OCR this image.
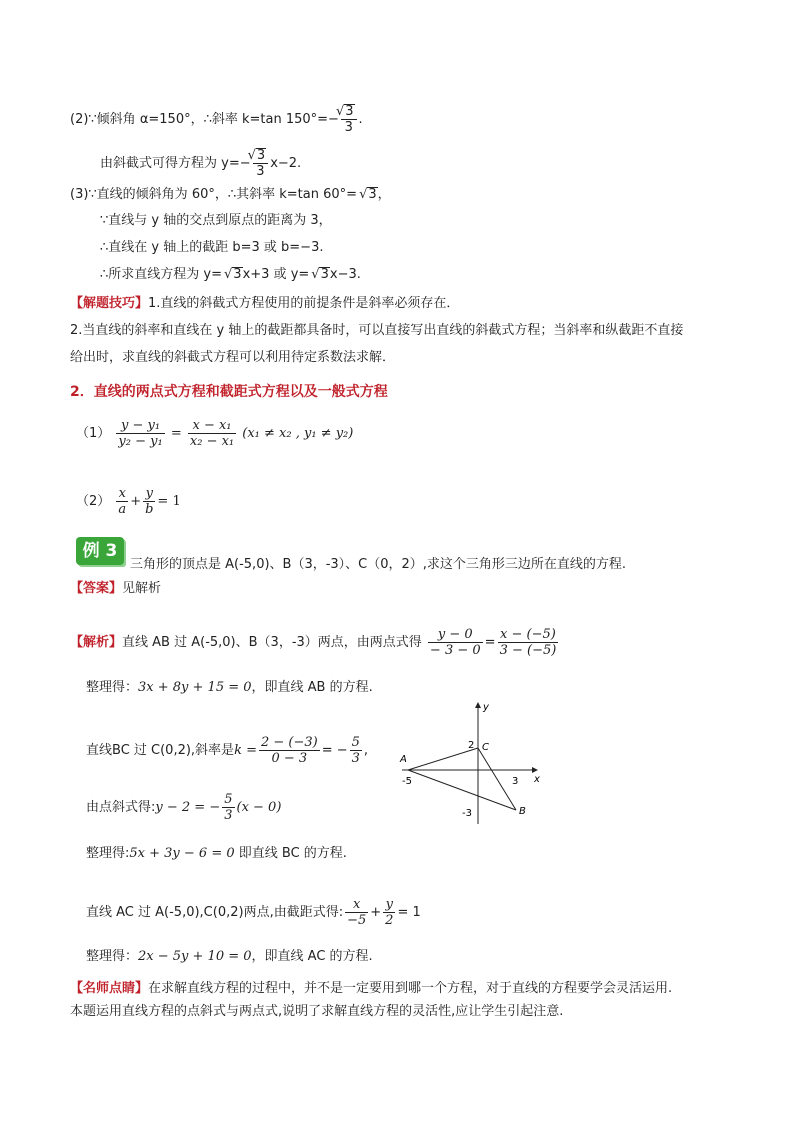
(2)∵倾斜角 α=150°，∴斜率 k=tan 150°=− √ $\frac{3}{3}$ .
由斜截式可得方程为 y=− √ $\frac{3}{3} x-2$.
(3)∵直线的倾斜角为 60°，∴其斜率 k=tan 60°= √ 3，
∵直线与 y 轴的交点到原点的距离为 3，
∴直线在 y 轴上的截距 b=3 或 b=−3.
∴所求直线方程为 y= √ 3x+3 或 y= √ 3x−3.
【解题技巧】1.直线的斜截式方程使用的前提条件是斜率必须存在．
2.当直线的斜率和直线在 y 轴上的截距都具备时，可以直接写出直线的斜截式方程；当斜率和纵截距不直接
给出时，求直线的斜截式方程可以利用待定系数法求解．
2．直线的两点式方程和截距式方程以及一般式方程
$(1) \frac{\text{y − y₁}}{\text{y₂ − y₁}} = \frac{\text{x − x₁}}{\text{x₂ − x₁}} (x_1 \ne x_2$ , y₁ ≠ y₂)
$(2) \frac{x}{a} + \frac{y}{b} = 1$
例 3
三角形的顶点是 A(-5,0)、B（3，-3）、C（0，2）,求这个三角形三边所在直线的方程.
【答案】见解析
【解析】直线 AB 过 A(-5,0)、B（3，-3）两点，由两点式得 $\frac{y - 0}{- 3 - 0} = \frac{x - (-5)}{3 - (-5)}$
整理得：3x + 8y + 15 = 0，即直线 AB 的方程.
直线BC 过 C(0,2),斜率是$k = \frac{2 - (-3)}{0 - 3}$ = − $\frac{5}{3}$ ,
由点斜式得:y − 2 = − $\frac{5}{3} (x - 0)$
整理得:5x + 3y − 6 = 0 即直线 BC 的方程.
直线 AC 过 A(-5,0),C(0,2)两点,由截距式得: $\frac{x}{-5} + \frac{y}{2} = 1$
整理得：2x − 5y + 10 = 0，即直线 AC 的方程.
【名师点睛】在求解直线方程的过程中，并不是一定要用到哪一个方程，对于直线的方程要学会灵活运用.
本题运用直线方程的点斜式与两点式,说明了求解直线方程的灵活性,应让学生引起注意.
y
x
A
B
C
2
-5	3
-3
